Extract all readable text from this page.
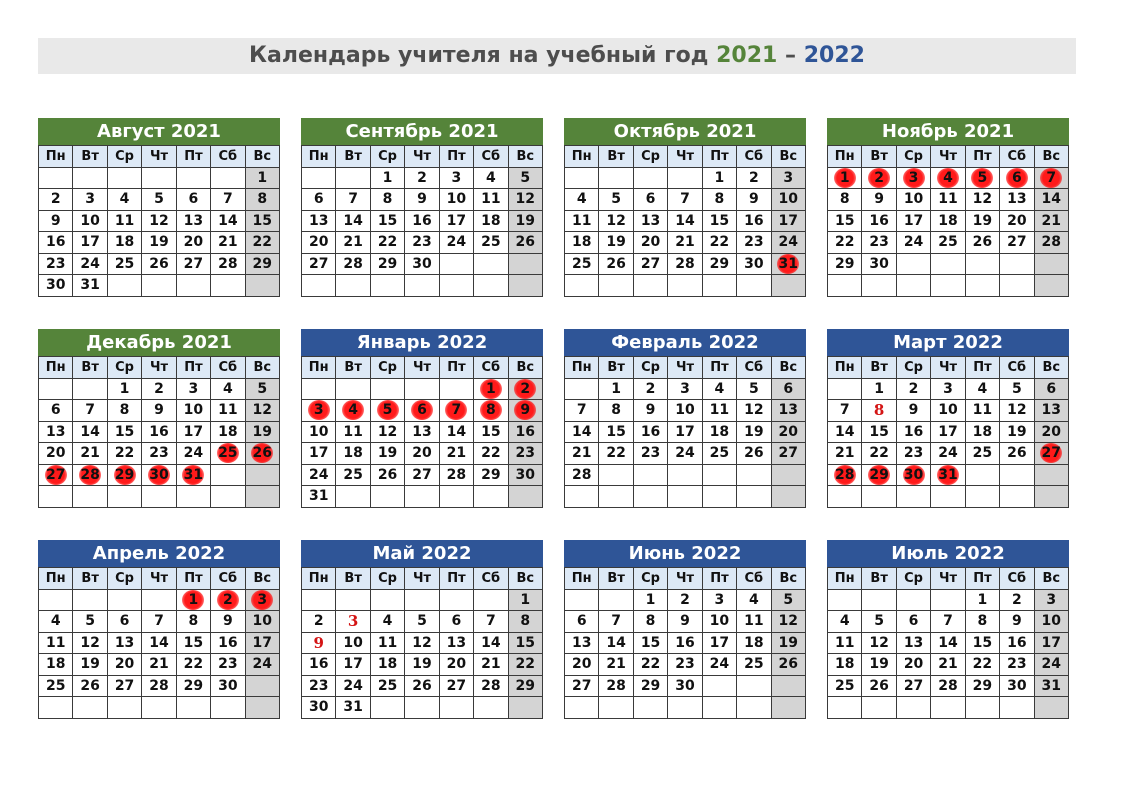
Календарь учителя на учебный год 2021 – 2022
Август 2021
Пн	Вт	Ср	Чт	Пт	Сб	Вс
						1
2	3	4	5	6	7	8
9	10	11	12	13	14	15
16	17	18	19	20	21	22
23	24	25	26	27	28	29
30	31					
Сентябрь 2021
Пн	Вт	Ср	Чт	Пт	Сб	Вс
		1	2	3	4	5
6	7	8	9	10	11	12
13	14	15	16	17	18	19
20	21	22	23	24	25	26
27	28	29	30			

Октябрь 2021
Пн	Вт	Ср	Чт	Пт	Сб	Вс
				1	2	3
4	5	6	7	8	9	10
11	12	13	14	15	16	17
18	19	20	21	22	23	24
25	26	27	28	29	30	31

Ноябрь 2021
Пн	Вт	Ср	Чт	Пт	Сб	Вс
1	2	3	4	5	6	7
8	9	10	11	12	13	14
15	16	17	18	19	20	21
22	23	24	25	26	27	28
29	30					

Декабрь 2021
Пн	Вт	Ср	Чт	Пт	Сб	Вс
		1	2	3	4	5
6	7	8	9	10	11	12
13	14	15	16	17	18	19
20	21	22	23	24	25	26
27	28	29	30	31		

Январь 2022
Пн	Вт	Ср	Чт	Пт	Сб	Вс
					1	2
3	4	5	6	7	8	9
10	11	12	13	14	15	16
17	18	19	20	21	22	23
24	25	26	27	28	29	30
31						
Февраль 2022
Пн	Вт	Ср	Чт	Пт	Сб	Вс
	1	2	3	4	5	6
7	8	9	10	11	12	13
14	15	16	17	18	19	20
21	22	23	24	25	26	27
28						

Март 2022
Пн	Вт	Ср	Чт	Пт	Сб	Вс
	1	2	3	4	5	6
7	8	9	10	11	12	13
14	15	16	17	18	19	20
21	22	23	24	25	26	27
28	29	30	31			

Апрель 2022
Пн	Вт	Ср	Чт	Пт	Сб	Вс
				1	2	3
4	5	6	7	8	9	10
11	12	13	14	15	16	17
18	19	20	21	22	23	24
25	26	27	28	29	30	

Май 2022
Пн	Вт	Ср	Чт	Пт	Сб	Вс
						1
2	3	4	5	6	7	8
9	10	11	12	13	14	15
16	17	18	19	20	21	22
23	24	25	26	27	28	29
30	31					
Июнь 2022
Пн	Вт	Ср	Чт	Пт	Сб	Вс
		1	2	3	4	5
6	7	8	9	10	11	12
13	14	15	16	17	18	19
20	21	22	23	24	25	26
27	28	29	30			

Июль 2022
Пн	Вт	Ср	Чт	Пт	Сб	Вс
				1	2	3
4	5	6	7	8	9	10
11	12	13	14	15	16	17
18	19	20	21	22	23	24
25	26	27	28	29	30	31
